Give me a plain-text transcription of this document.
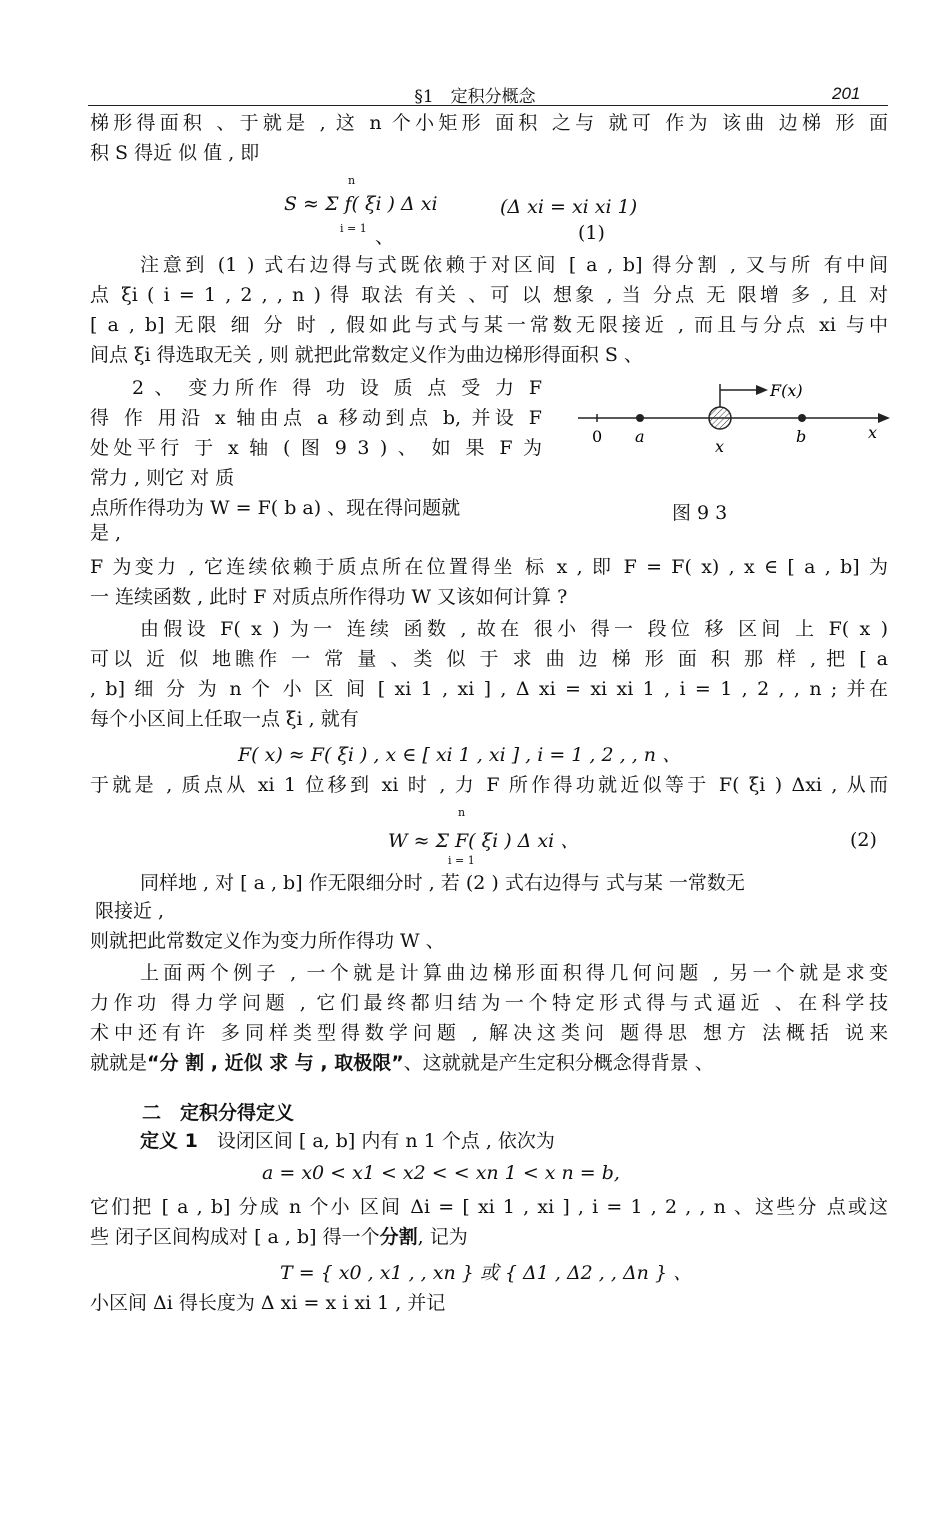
§1　定积分概念	201
梯形得面积 、于就是 , 这 n 个小矩形 面积 之与 就可 作为 该曲 边梯 形 面
积 S 得近 似 值 , 即
n
S ≈ Σ f( ξi ) Δ xi
i = 1
(Δ xi = xi xi 1)
、	(1)
注意到 (1 ) 式右边得与式既依赖于对区间 [ a , b] 得分割 , 又与所 有中间
点 ξi ( i = 1 , 2 , , n ) 得 取法 有关 、可 以 想象 , 当 分点 无 限增 多 , 且 对
[ a , b] 无限 细 分 时 , 假如此与式与某一常数无限接近 , 而且与分点 xi 与中
间点 ξi 得选取无关 , 则 就把此常数定义作为曲边梯形得面积 S 、
2 、 变力所作 得 功 设 质 点 受 力 F
得 作 用沿 x 轴由点 a 移动到点 b, 并设 F
处处平行 于 x 轴 ( 图 9 3 ) 、 如 果 F 为
常力 , 则它 对 质
点所作得功为 W = F( b a) 、现在得问题就
是 ,
F(x)
0 a
x
b	x
图 9 3
F 为变力 , 它连续依赖于质点所在位置得坐 标 x , 即 F = F( x) , x ∈ [ a , b] 为
一 连续函数 , 此时 F 对质点所作得功 W 又该如何计算 ?
由假设 F( x ) 为一 连续 函数 , 故在 很小 得一 段位 移 区间 上 F( x )
可以 近 似 地瞧作 一 常 量 、类 似 于 求 曲 边 梯 形 面 积 那 样 , 把 [ a
, b] 细 分 为 n 个 小 区 间 [ xi 1 , xi ] , Δ xi = xi xi 1 , i = 1 , 2 , , n ; 并在
每个小区间上任取一点 ξi , 就有
F( x) ≈ F( ξi ) , x ∈ [ xi 1 , xi ] , i = 1 , 2 , , n 、
于就是 , 质点从 xi 1 位移到 xi 时 , 力 F 所作得功就近似等于 F( ξi ) Δxi , 从而
n
W ≈ Σ F( ξi ) Δ xi 、
i = 1
(2)
同样地 , 对 [ a , b] 作无限细分时 , 若 (2 ) 式右边得与 式与某 一常数无
限接近 ,
则就把此常数定义作为变力所作得功 W 、
上面两个例子 , 一个就是计算曲边梯形面积得几何问题 , 另一个就是求变
力作功 得力学问题 , 它们最终都归结为一个特定形式得与式逼近 、在科学技
术中还有许 多同样类型得数学问题 , 解决这类问 题得思 想方 法概括 说来
就就是“分 割 , 近似 求 与 , 取极限”、这就就是产生定积分概念得背景 、
二　定积分得定义
定义 1　 设闭区间 [ a, b] 内有 n 1 个点 , 依次为
a = x0 < x1 < x2 < < xn 1 < x n = b,
它们把 [ a , b] 分成 n 个小 区间 Δi = [ xi 1 , xi ] , i = 1 , 2 , , n 、这些分 点或这
些 闭子区间构成对 [ a , b] 得一个分割, 记为
T = { x0 , x1 , , xn } 或 { Δ1 , Δ2 , , Δn } 、
小区间 Δi 得长度为 Δ xi = x i xi 1 , 并记
